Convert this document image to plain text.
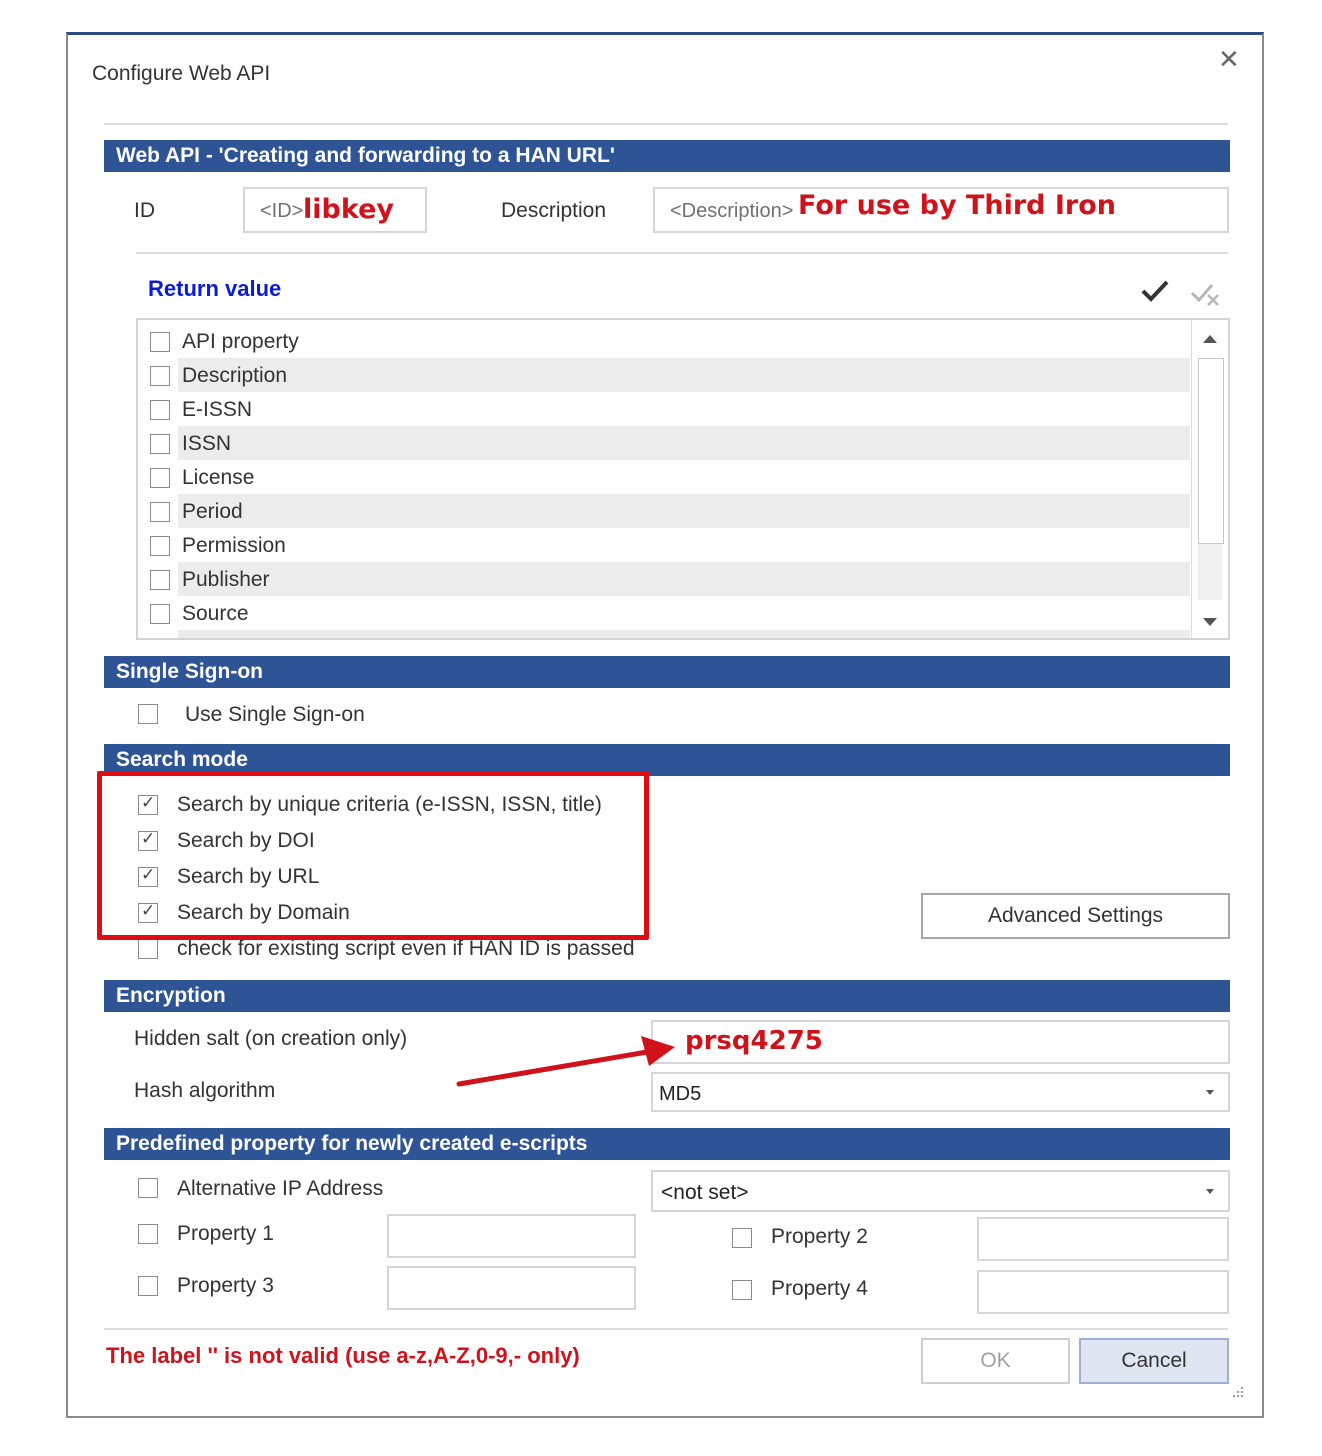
Configure Web API	✕
Web API - 'Creating and forwarding to a HAN URL'
ID	<ID> libkey	Description	<Description> For use by Third Iron
Return value
API property
Description
E-ISSN
ISSN
License
Period
Permission
Publisher
Source
Single Sign-on
Use Single Sign-on
Search mode
✓
Search by unique criteria (e-ISSN, ISSN, title)
✓
Search by DOI
✓
Search by URL
✓
Search by Domain
check for existing script even if HAN ID is passed
Advanced Settings
Encryption
Hidden salt (on creation only)	prsq4275
Hash algorithm	MD5
Predefined property for newly created e-scripts
Alternative IP Address	<not set>
Property 1	Property 2
Property 3	Property 4
The label '' is not valid (use a-z,A-Z,0-9,- only)	OK	Cancel
